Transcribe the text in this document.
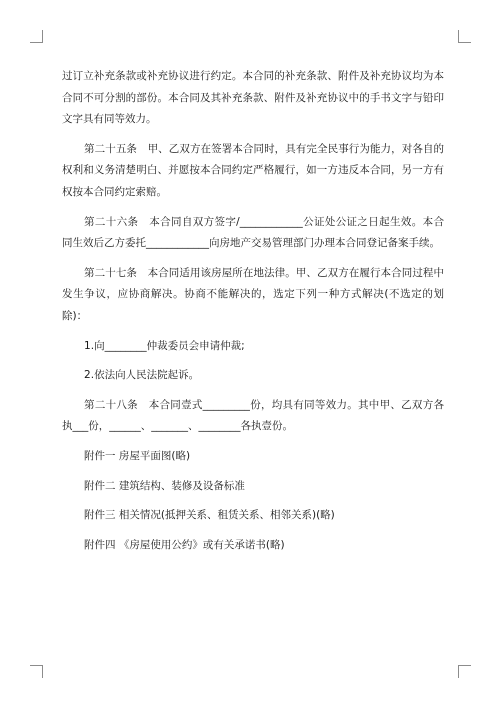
过订立补充条款或补充协议进行约定。本合同的补充条款、附件及补充协议均为本合同不可分割的部份。本合同及其补充条款、附件及补充协议中的手书文字与铅印文字具有同等效力。

第二十五条　甲、乙双方在签署本合同时，具有完全民事行为能力，对各自的权利和义务清楚明白、并愿按本合同约定严格履行，如一方违反本合同，另一方有权按本合同约定索赔。

第二十六条　本合同自双方签字/____________公证处公证之日起生效。本合同生效后乙方委托____________向房地产交易管理部门办理本合同登记备案手续。

第二十七条　本合同适用该房屋所在地法律。甲、乙双方在履行本合同过程中发生争议，应协商解决。协商不能解决的，选定下列一种方式解决(不选定的划除)：

1.向________仲裁委员会申请仲裁;

2.依法向人民法院起诉。

第二十八条　本合同壹式_________份，均具有同等效力。其中甲、乙双方各执___份，______、_______、________各执壹份。

附件一 房屋平面图(略)

附件二 建筑结构、装修及设备标准

附件三 相关情况(抵押关系、租赁关系、相邻关系)(略)

附件四 《房屋使用公约》或有关承诺书(略)
